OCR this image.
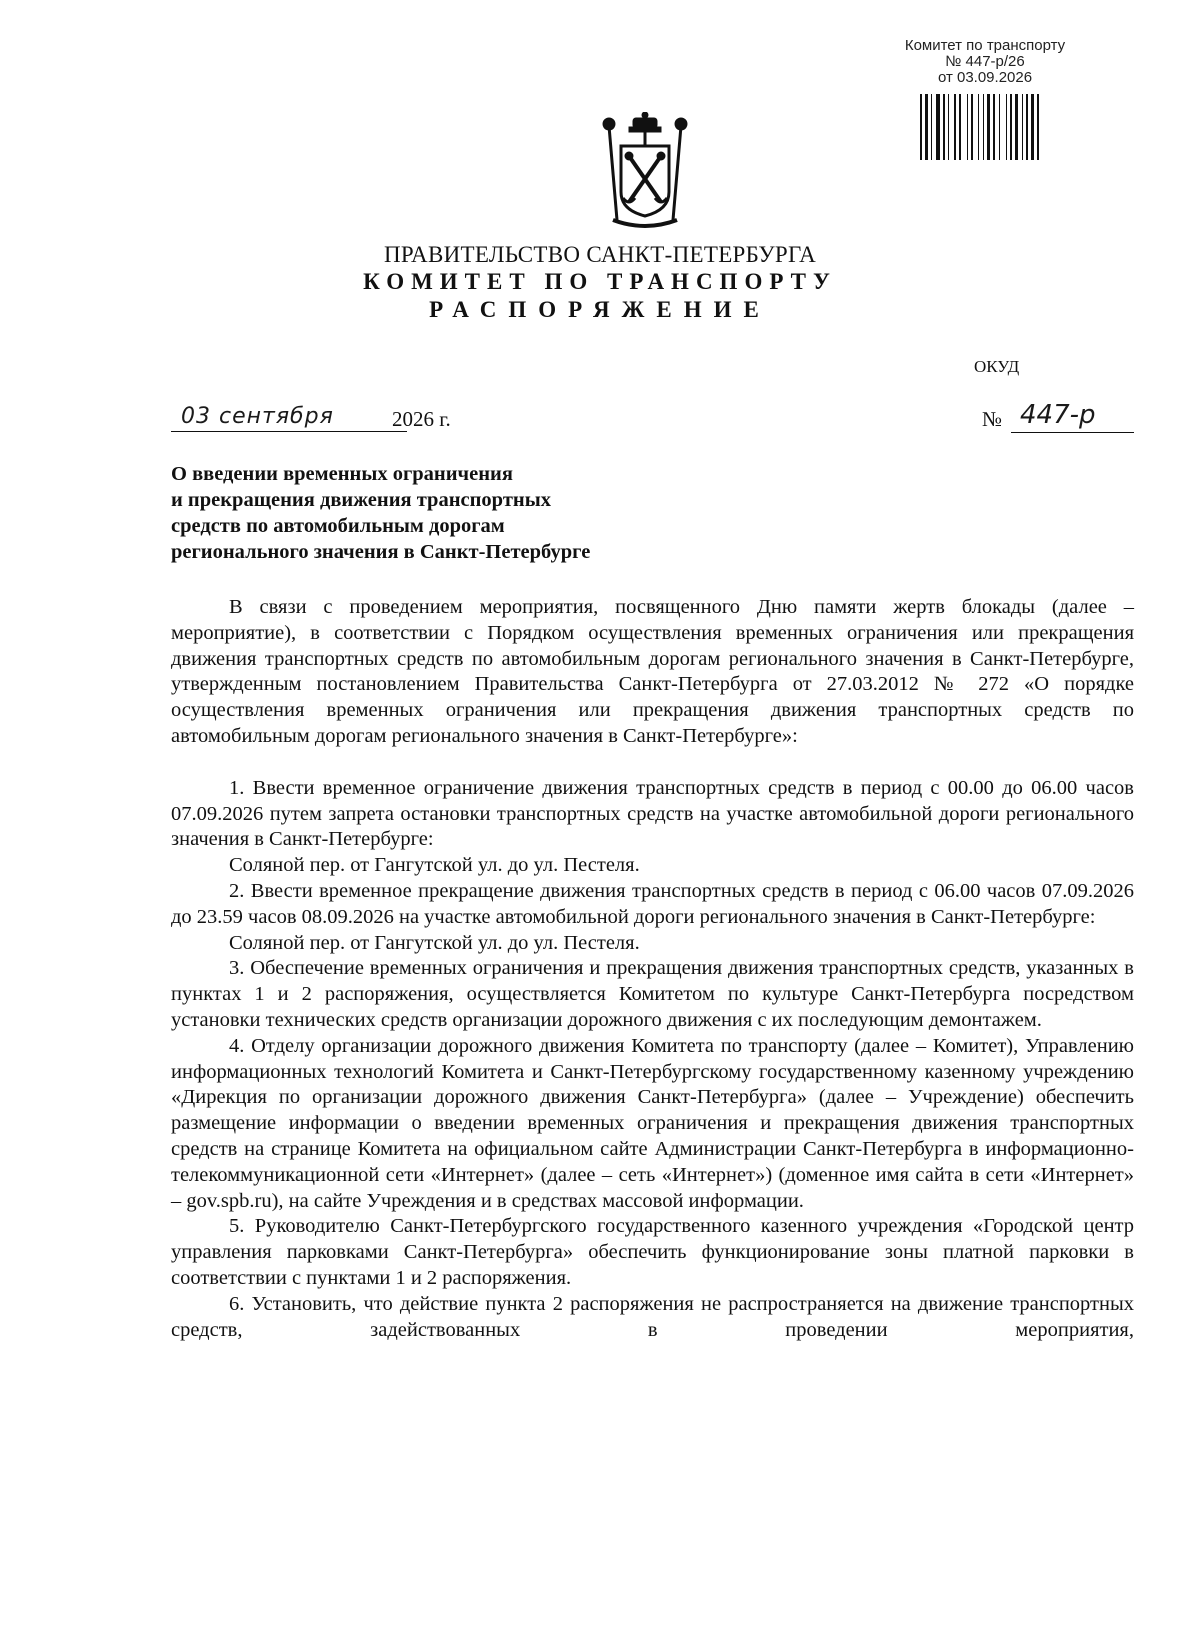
Комитет по транспорту
№ 447-р/26
от 03.09.2026
ПРАВИТЕЛЬСТВО САНКТ-ПЕТЕРБУРГА
КОМИТЕТ ПО ТРАНСПОРТУ
РАСПОРЯЖЕНИЕ
ОКУД
03 сентября	2026 г.	№ 447-р
О введении временных ограничения
и прекращения движения транспортных
средств по автомобильным дорогам
регионального значения в Санкт-Петербурге

В связи с проведением мероприятия, посвященного Дню памяти жертв блокады (далее – мероприятие), в соответствии с Порядком осуществления временных ограничения или прекращения движения транспортных средств по автомобильным дорогам регионального значения в Санкт-Петербурге, утвержденным постановлением Правительства Санкт-Петербурга от 27.03.2012 № 272 «О порядке осуществления временных ограничения или прекращения движения транспортных средств по автомобильным дорогам регионального значения в Санкт-Петербурге»:

1. Ввести временное ограничение движения транспортных средств в период с 00.00 до 06.00 часов 07.09.2026 путем запрета остановки транспортных средств на участке автомобильной дороги регионального значения в Санкт-Петербурге:

Соляной пер. от Гангутской ул. до ул. Пестеля.

2. Ввести временное прекращение движения транспортных средств в период с 06.00 часов 07.09.2026 до 23.59 часов 08.09.2026 на участке автомобильной дороги регионального значения в Санкт-Петербурге:

Соляной пер. от Гангутской ул. до ул. Пестеля.

3. Обеспечение временных ограничения и прекращения движения транспортных средств, указанных в пунктах 1 и 2 распоряжения, осуществляется Комитетом по культуре Санкт-Петербурга посредством установки технических средств организации дорожного движения с их последующим демонтажем.

4. Отделу организации дорожного движения Комитета по транспорту (далее – Комитет), Управлению информационных технологий Комитета и Санкт-Петербургскому государственному казенному учреждению «Дирекция по организации дорожного движения Санкт-Петербурга» (далее – Учреждение) обеспечить размещение информации о введении временных ограничения и прекращения движения транспортных средств на странице Комитета на официальном сайте Администрации Санкт-Петербурга в информационно-телекоммуникационной сети «Интернет» (далее – сеть «Интернет») (доменное имя сайта в сети «Интернет» – gov.spb.ru), на сайте Учреждения и в средствах массовой информации.

5. Руководителю Санкт-Петербургского государственного казенного учреждения «Городской центр управления парковками Санкт-Петербурга» обеспечить функционирование зоны платной парковки в соответствии с пунктами 1 и 2 распоряжения.

6. Установить, что действие пункта 2 распоряжения не распространяется на движение транспортных средств, задействованных в проведении мероприятия,
